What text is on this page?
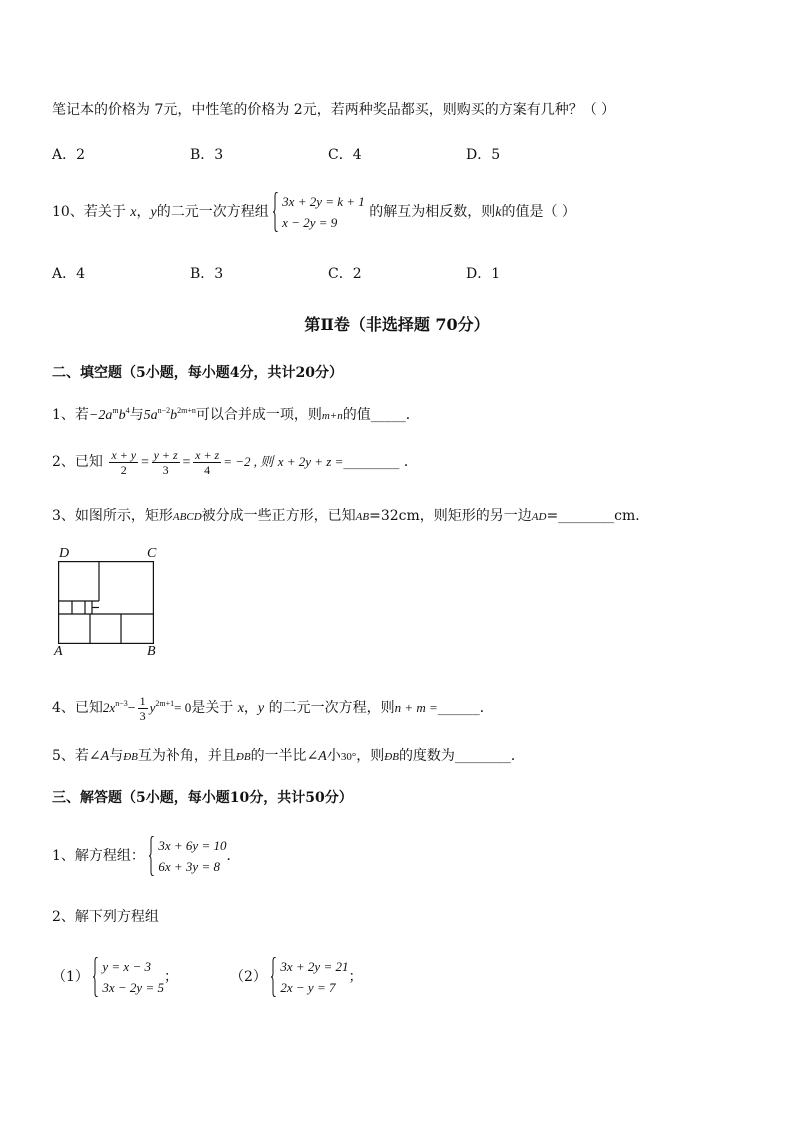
笔记本的价格为 7元，中性笔的价格为 2元，若两种奖品都买，则购买的方案有几种？（ ）
A．2	B．3	C．4	D．5
10、若关于 x，y的二元一次方程组
3x + 2y = k + 1
x − 2y = 9
的解互为相反数，则k的值是（ ）
A．4	B．3	C．2	D．1
第Ⅱ卷（非选择题 70分）
二、填空题（5小题，每小题4分，共计20分）
1、若$-2a^mb^4$与$5a^{n-2}b^{2m+n}$可以合并成一项，则m+n的值_____．
2、已知 $\frac{x + y}{2} = \frac{y + z}{3} = \frac{x + z}{4} = -2$ , 则 x + 2y + z =________ ．
3、如图所示，矩形ABCD被分成一些正方形，已知AB=32cm，则矩形的另一边AD=________cm．
D	C
A	B
4、已知$2x^{n-3}- \frac{1}{3} y^{2m+1}= 0$是关于 x，y 的二元一次方程，则n + m =______．
5、若∠A与ÐB互为补角，并且ÐB的一半比∠A小30°，则ÐB的度数为________．
三、解答题（5小题，每小题10分，共计50分）
1、解方程组：
3x + 6y = 10
6x + 3y = 8
．
2、解下列方程组
（1）
y = x − 3
3x − 2y = 5
；	（2）
3x + 2y = 21
2x − y = 7
；
